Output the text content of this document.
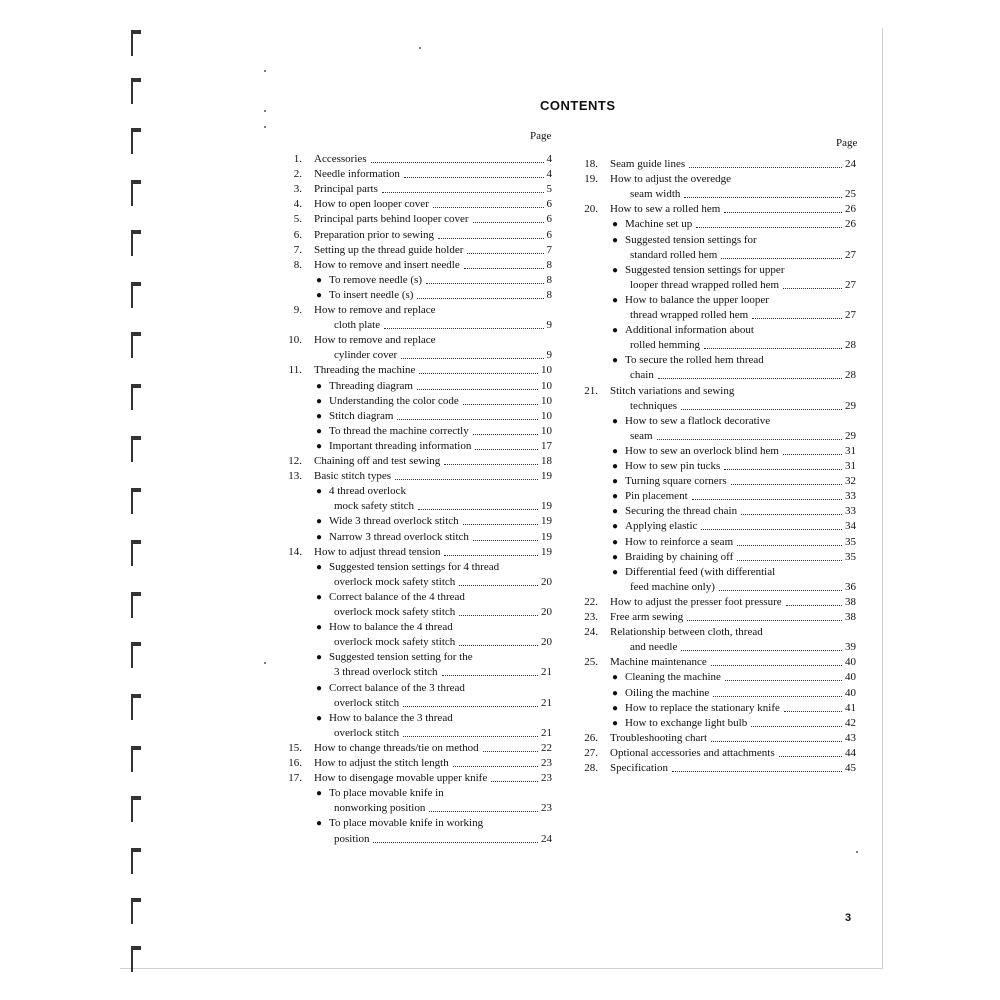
CONTENTS
Page
Page
1. Accessories	4
2. Needle information	4
3. Principal parts	5
4. How to open looper cover	6
5. Principal parts behind looper cover	6
6. Preparation prior to sewing	6
7. Setting up the thread guide holder	7
8. How to remove and insert needle	8
● To remove needle (s)	8
● To insert needle (s)	8
9. How to remove and replace
cloth plate	9
10. How to remove and replace
cylinder cover	9
11. Threading the machine	10
● Threading diagram	10
● Understanding the color code	10
● Stitch diagram	10
● To thread the machine correctly	10
● Important threading information	17
12. Chaining off and test sewing	18
13. Basic stitch types	19
● 4 thread overlock
mock safety stitch	19
● Wide 3 thread overlock stitch	19
● Narrow 3 thread overlock stitch	19
14. How to adjust thread tension	19
● Suggested tension settings for 4 thread
overlock mock safety stitch	20
● Correct balance of the 4 thread
overlock mock safety stitch	20
● How to balance the 4 thread
overlock mock safety stitch	20
● Suggested tension setting for the
3 thread overlock stitch	21
● Correct balance of the 3 thread
overlock stitch	21
● How to balance the 3 thread
overlock stitch	21
15. How to change threads/tie on method	22
16. How to adjust the stitch length	23
17. How to disengage movable upper knife	23
● To place movable knife in
nonworking position	23
● To place movable knife in working
position	24
18. Seam guide lines	24
19. How to adjust the overedge
seam width	25
20. How to sew a rolled hem	26
● Machine set up	26
● Suggested tension settings for
standard rolled hem	27
● Suggested tension settings for upper
looper thread wrapped rolled hem	27
● How to balance the upper looper
thread wrapped rolled hem	27
● Additional information about
rolled hemming	28
● To secure the rolled hem thread
chain	28
21. Stitch variations and sewing
techniques	29
● How to sew a flatlock decorative
seam	29
● How to sew an overlock blind hem	31
● How to sew pin tucks	31
● Turning square corners	32
● Pin placement	33
● Securing the thread chain	33
● Applying elastic	34
● How to reinforce a seam	35
● Braiding by chaining off	35
● Differential feed (with differential
feed machine only)	36
22. How to adjust the presser foot pressure	38
23. Free arm sewing	38
24. Relationship between cloth, thread
and needle	39
25. Machine maintenance	40
● Cleaning the machine	40
● Oiling the machine	40
● How to replace the stationary knife	41
● How to exchange light bulb	42
26. Troubleshooting chart	43
27. Optional accessories and attachments	44
28. Specification	45
3
